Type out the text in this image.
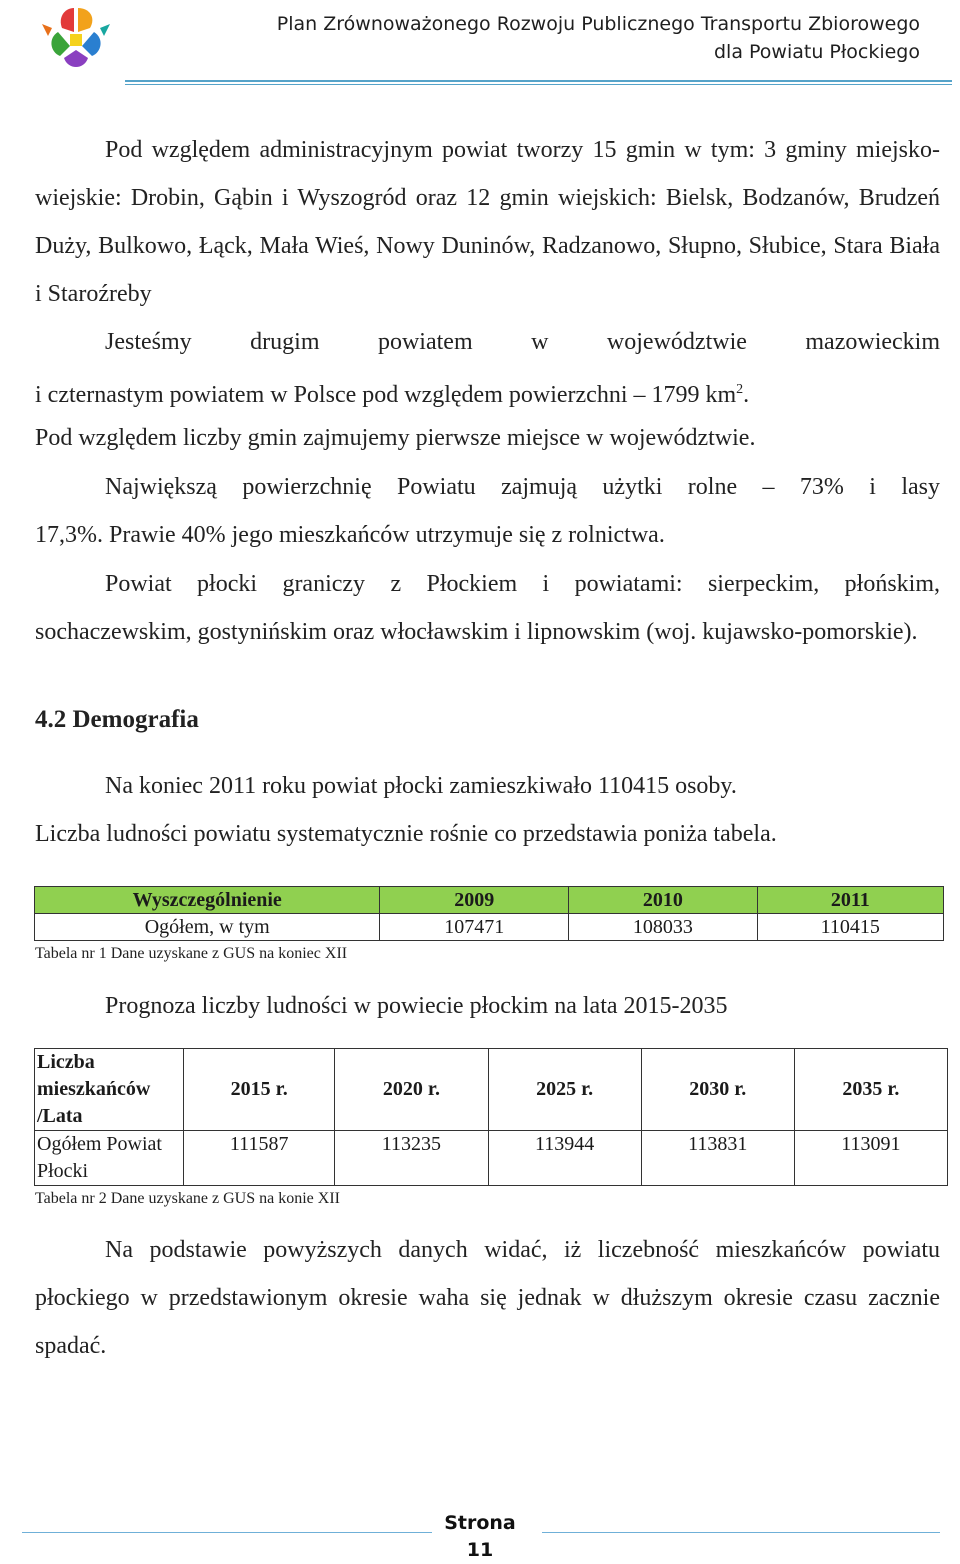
Plan Zrównoważonego Rozwoju Publicznego Transportu Zbiorowego
dla Powiatu Płockiego
Pod względem administracyjnym powiat tworzy 15 gmin w tym: 3 gminy miejsko-wiejskie: Drobin, Gąbin i Wyszogród oraz 12 gmin wiejskich: Bielsk, Bodzanów, Brudzeń Duży, Bulkowo, Łąck, Mała Wieś, Nowy Duninów, Radzanowo, Słupno, Słubice, Stara Biała i Staroźreby
Jesteśmy drugim powiatem w województwie mazowieckim
i czternastym powiatem w Polsce pod względem powierzchni – 1799 $km^2$.
Pod względem liczby gmin zajmujemy pierwsze miejsce w województwie.
Największą powierzchnię Powiatu zajmują użytki rolne – 73% i lasy
17,3%. Prawie 40% jego mieszkańców utrzymuje się z rolnictwa.
Powiat płocki graniczy z Płockiem i powiatami: sierpeckim, płońskim, sochaczewskim, gostynińskim oraz włocławskim i lipnowskim (woj. kujawsko-pomorskie).
4.2 Demografia
Na koniec 2011 roku powiat płocki zamieszkiwało 110415 osoby.
Liczba ludności powiatu systematycznie rośnie co przedstawia poniża tabela.
Wyszczególnienie	2009	2010	2011
Ogółem, w tym	107471	108033	110415
Tabela nr 1 Dane uzyskane z GUS na koniec XII
Prognoza liczby ludności w powiecie płockim na lata 2015-2035
Liczba mieszkańców /Lata	2015 r.	2020 r.	2025 r.	2030 r.	2035 r.
Ogółem Powiat Płocki	111587	113235	113944	113831	113091
Tabela nr 2 Dane uzyskane z GUS na konie XII
Na podstawie powyższych danych widać, iż liczebność mieszkańców powiatu płockiego w przedstawionym okresie waha się jednak w dłuższym okresie czasu zacznie spadać.
Strona
11
